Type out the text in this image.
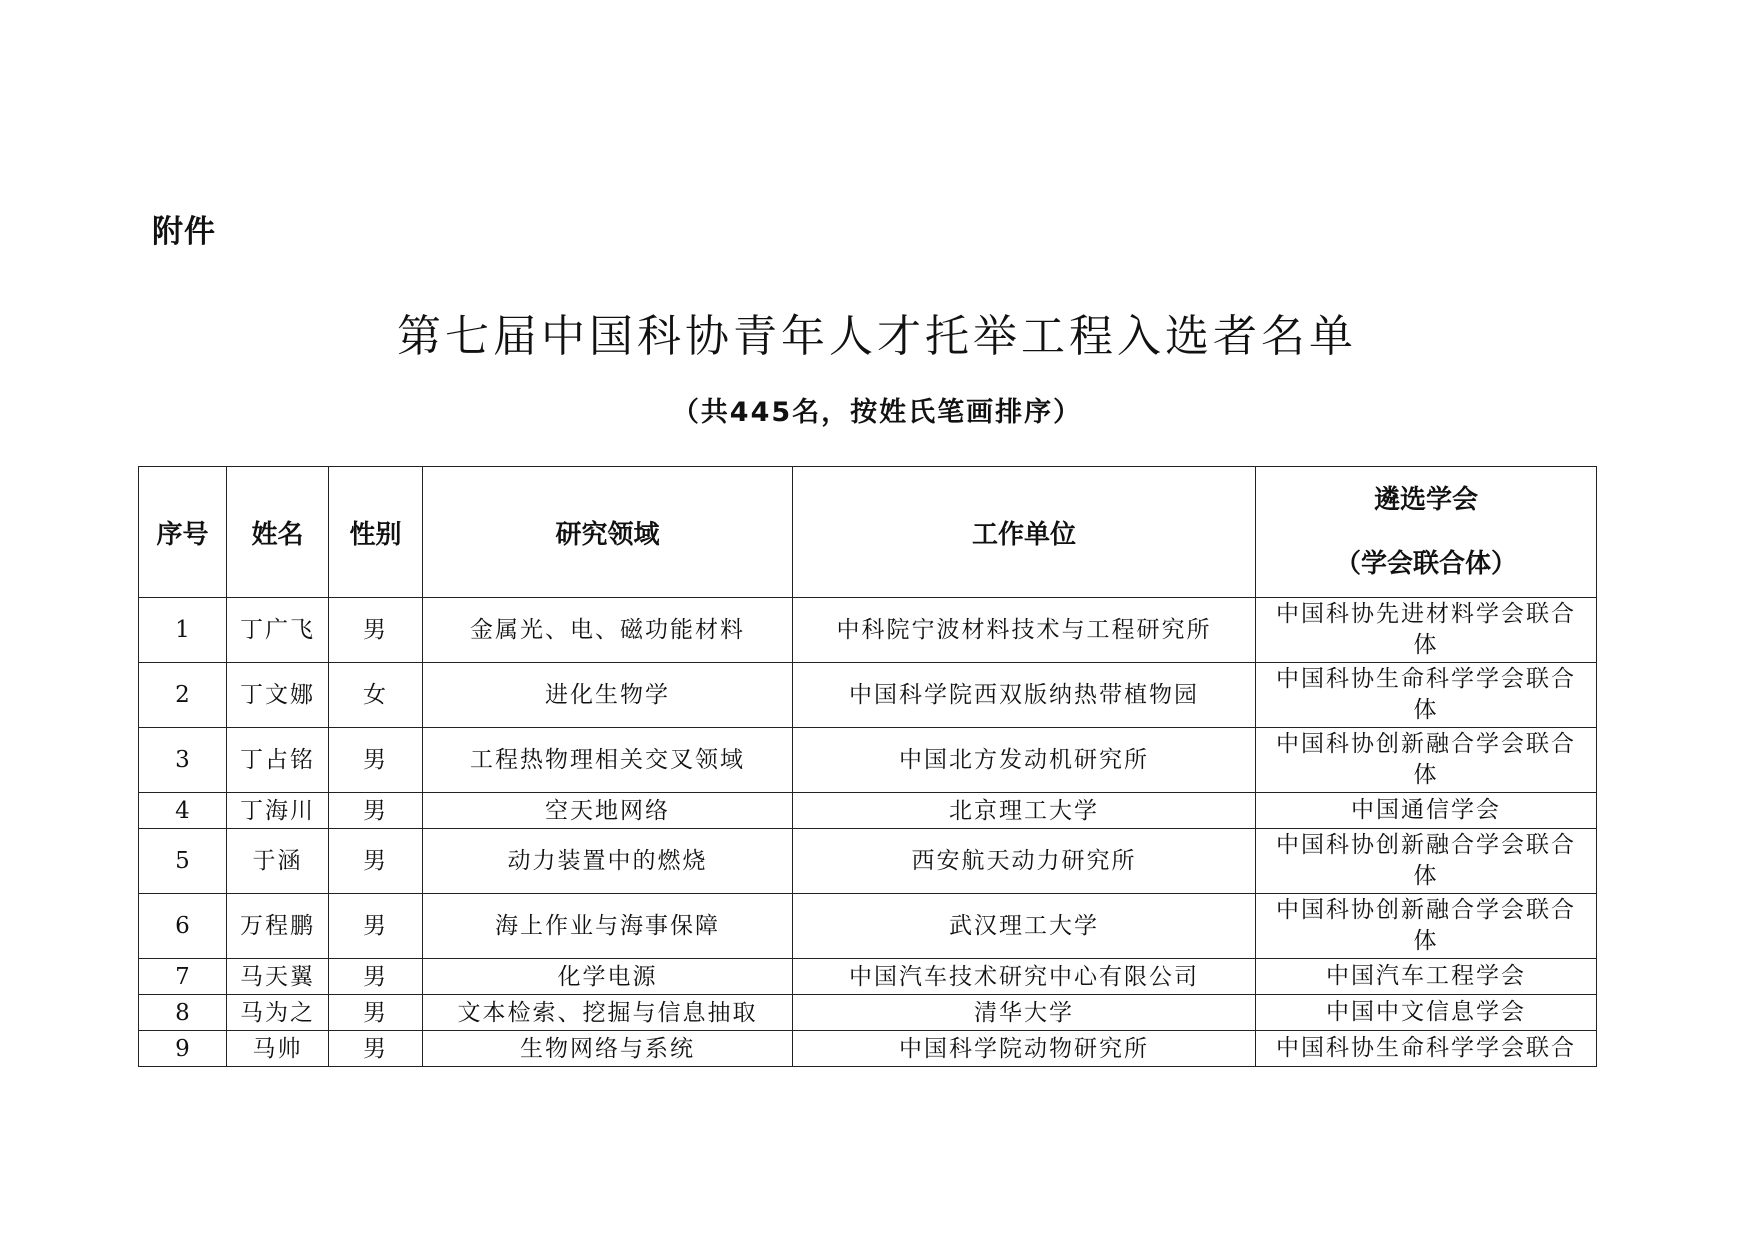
附件
第七届中国科协青年人才托举工程入选者名单
（共445名，按姓氏笔画排序）
序号	姓名	性别	研究领域	工作单位	遴选学会
（学会联合体）

1	丁广飞	男	金属光、电、磁功能材料	中科院宁波材料技术与工程研究所	中国科协先进材料学会联合体
2	丁文娜	女	进化生物学	中国科学院西双版纳热带植物园	中国科协生命科学学会联合体
3	丁占铭	男	工程热物理相关交叉领域	中国北方发动机研究所	中国科协创新融合学会联合体
4	丁海川	男	空天地网络	北京理工大学	中国通信学会
5	于涵	男	动力装置中的燃烧	西安航天动力研究所	中国科协创新融合学会联合体
6	万程鹏	男	海上作业与海事保障	武汉理工大学	中国科协创新融合学会联合体
7	马天翼	男	化学电源	中国汽车技术研究中心有限公司	中国汽车工程学会
8	马为之	男	文本检索、挖掘与信息抽取	清华大学	中国中文信息学会
9	马帅	男	生物网络与系统	中国科学院动物研究所	中国科协生命科学学会联合
